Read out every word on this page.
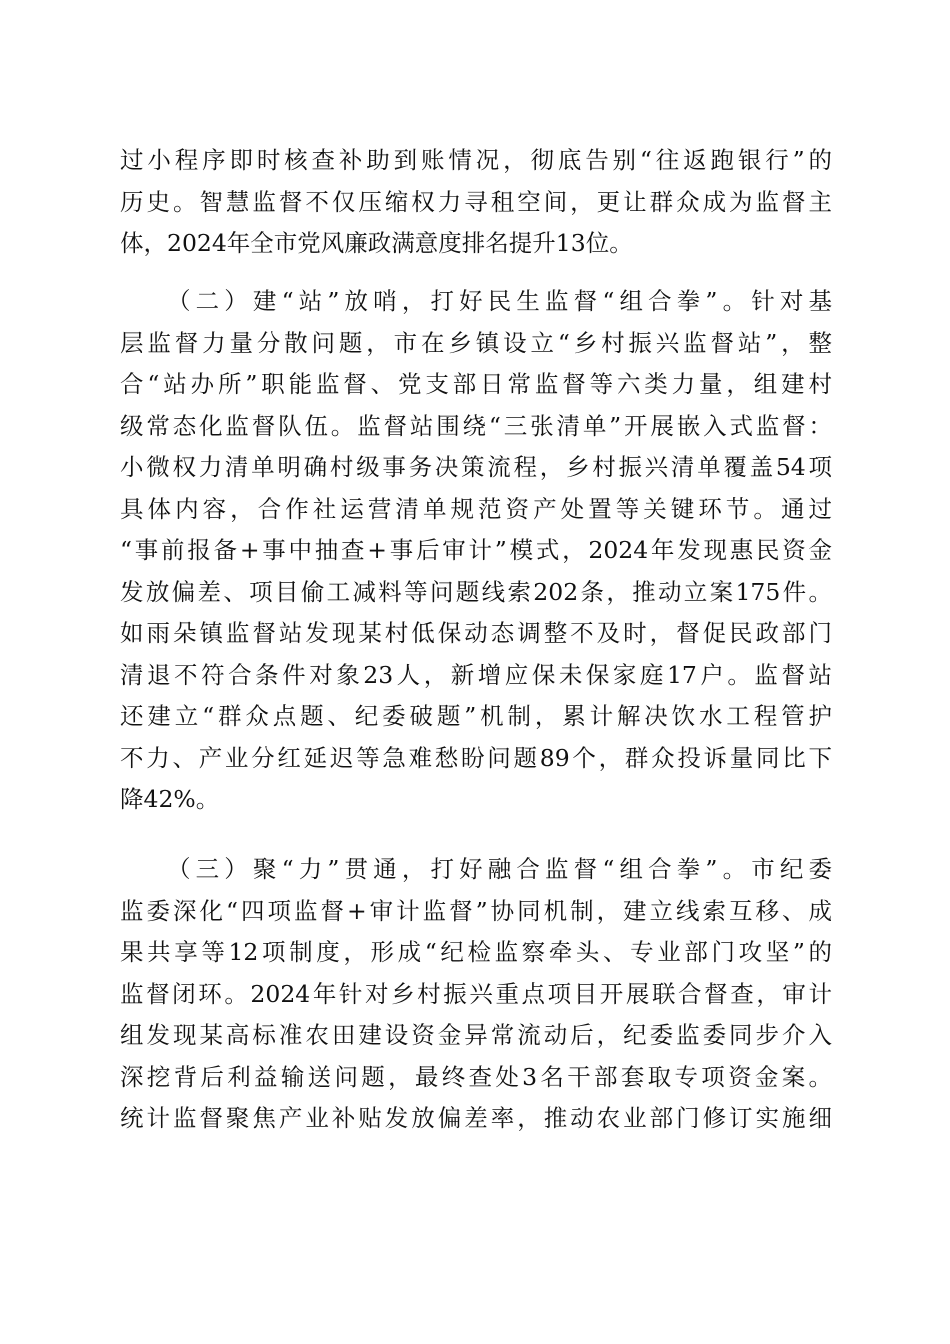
过小程序即时核查补助到账情况，彻底告别“往返跑银行”的
历史。智慧监督不仅压缩权力寻租空间，更让群众成为监督主
体，2024年全市党风廉政满意度排名提升13位。

（二）建“站”放哨，打好民生监督“组合拳”。针对基
层监督力量分散问题，市在乡镇设立“乡村振兴监督站”，整
合“站办所”职能监督、党支部日常监督等六类力量，组建村
级常态化监督队伍。监督站围绕“三张清单”开展嵌入式监督：
小微权力清单明确村级事务决策流程，乡村振兴清单覆盖54项
具体内容，合作社运营清单规范资产处置等关键环节。通过
“事前报备+事中抽查+事后审计”模式，2024年发现惠民资金
发放偏差、项目偷工减料等问题线索202条，推动立案175件。
如雨朵镇监督站发现某村低保动态调整不及时，督促民政部门
清退不符合条件对象23人，新增应保未保家庭17户。监督站
还建立“群众点题、纪委破题”机制，累计解决饮水工程管护
不力、产业分红延迟等急难愁盼问题89个，群众投诉量同比下
降42%。

（三）聚“力”贯通，打好融合监督“组合拳”。市纪委
监委深化“四项监督+审计监督”协同机制，建立线索互移、成
果共享等12项制度，形成“纪检监察牵头、专业部门攻坚”的
监督闭环。2024年针对乡村振兴重点项目开展联合督查，审计
组发现某高标准农田建设资金异常流动后，纪委监委同步介入
深挖背后利益输送问题，最终查处3名干部套取专项资金案。
统计监督聚焦产业补贴发放偏差率，推动农业部门修订实施细
